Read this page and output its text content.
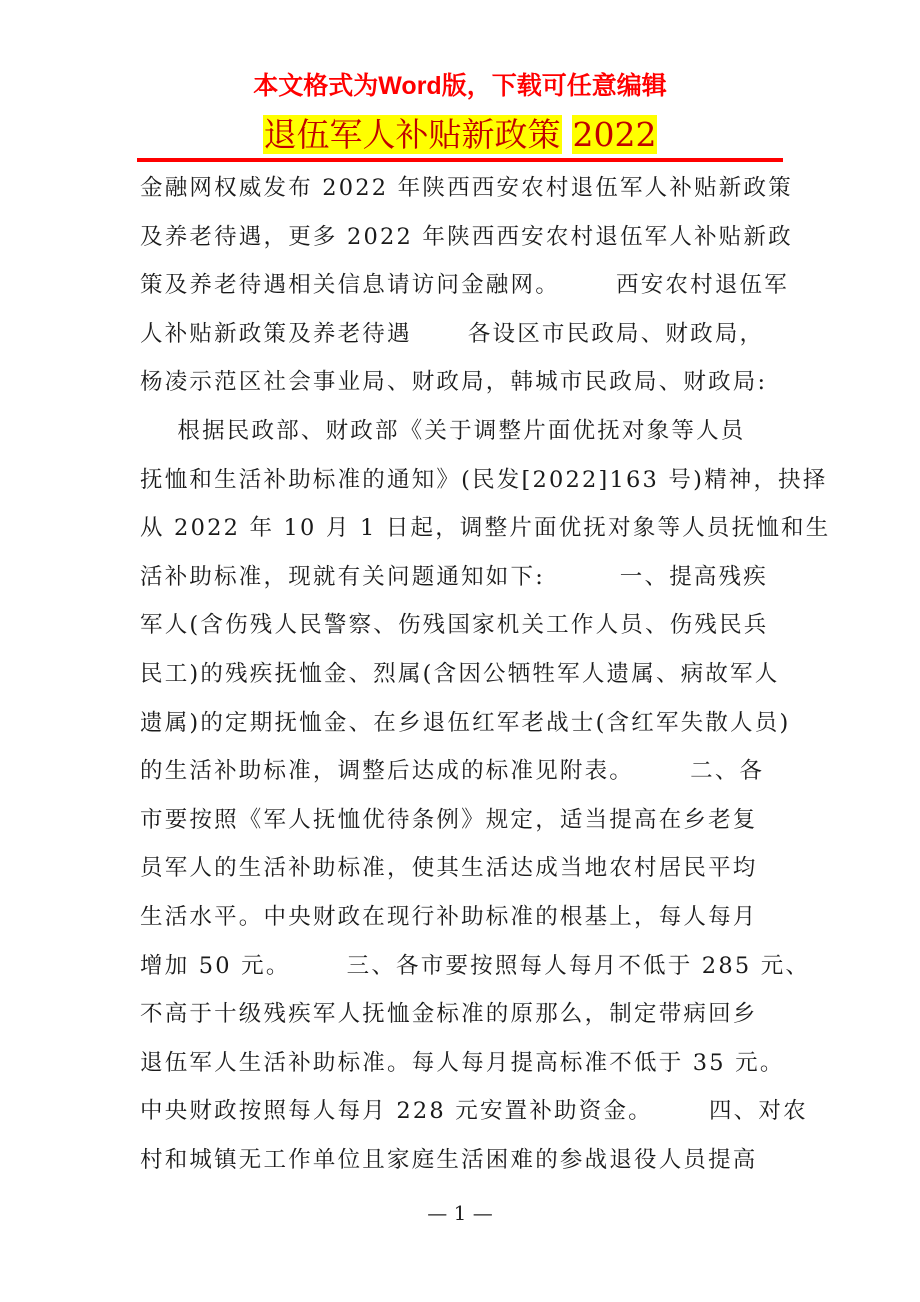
本文格式为Word版，下载可任意编辑
退伍军人补贴新政策 2022
金融网权威发布 2022 年陕西西安农村退伍军人补贴新政策
及养老待遇，更多 2022 年陕西西安农村退伍军人补贴新政
策及养老待遇相关信息请访问金融网。      西安农村退伍军
人补贴新政策及养老待遇      各设区市民政局、财政局，
杨凌示范区社会事业局、财政局，韩城市民政局、财政局:
根据民政部、财政部《关于调整片面优抚对象等人员
抚恤和生活补助标准的通知》(民发[2022]163 号)精神，抉择
从 2022 年 10 月 1 日起，调整片面优抚对象等人员抚恤和生
活补助标准，现就有关问题通知如下:        一、提高残疾
军人(含伤残人民警察、伤残国家机关工作人员、伤残民兵
民工)的残疾抚恤金、烈属(含因公牺牲军人遗属、病故军人
遗属)的定期抚恤金、在乡退伍红军老战士(含红军失散人员)
的生活补助标准，调整后达成的标准见附表。      二、各
市要按照《军人抚恤优待条例》规定，适当提高在乡老复
员军人的生活补助标准，使其生活达成当地农村居民平均
生活水平。中央财政在现行补助标准的根基上，每人每月
增加 50 元。      三、各市要按照每人每月不低于 285 元、
不高于十级残疾军人抚恤金标准的原那么，制定带病回乡
退伍军人生活补助标准。每人每月提高标准不低于 35 元。
中央财政按照每人每月 228 元安置补助资金。      四、对农
村和城镇无工作单位且家庭生活困难的参战退役人员提高
— 1 —
